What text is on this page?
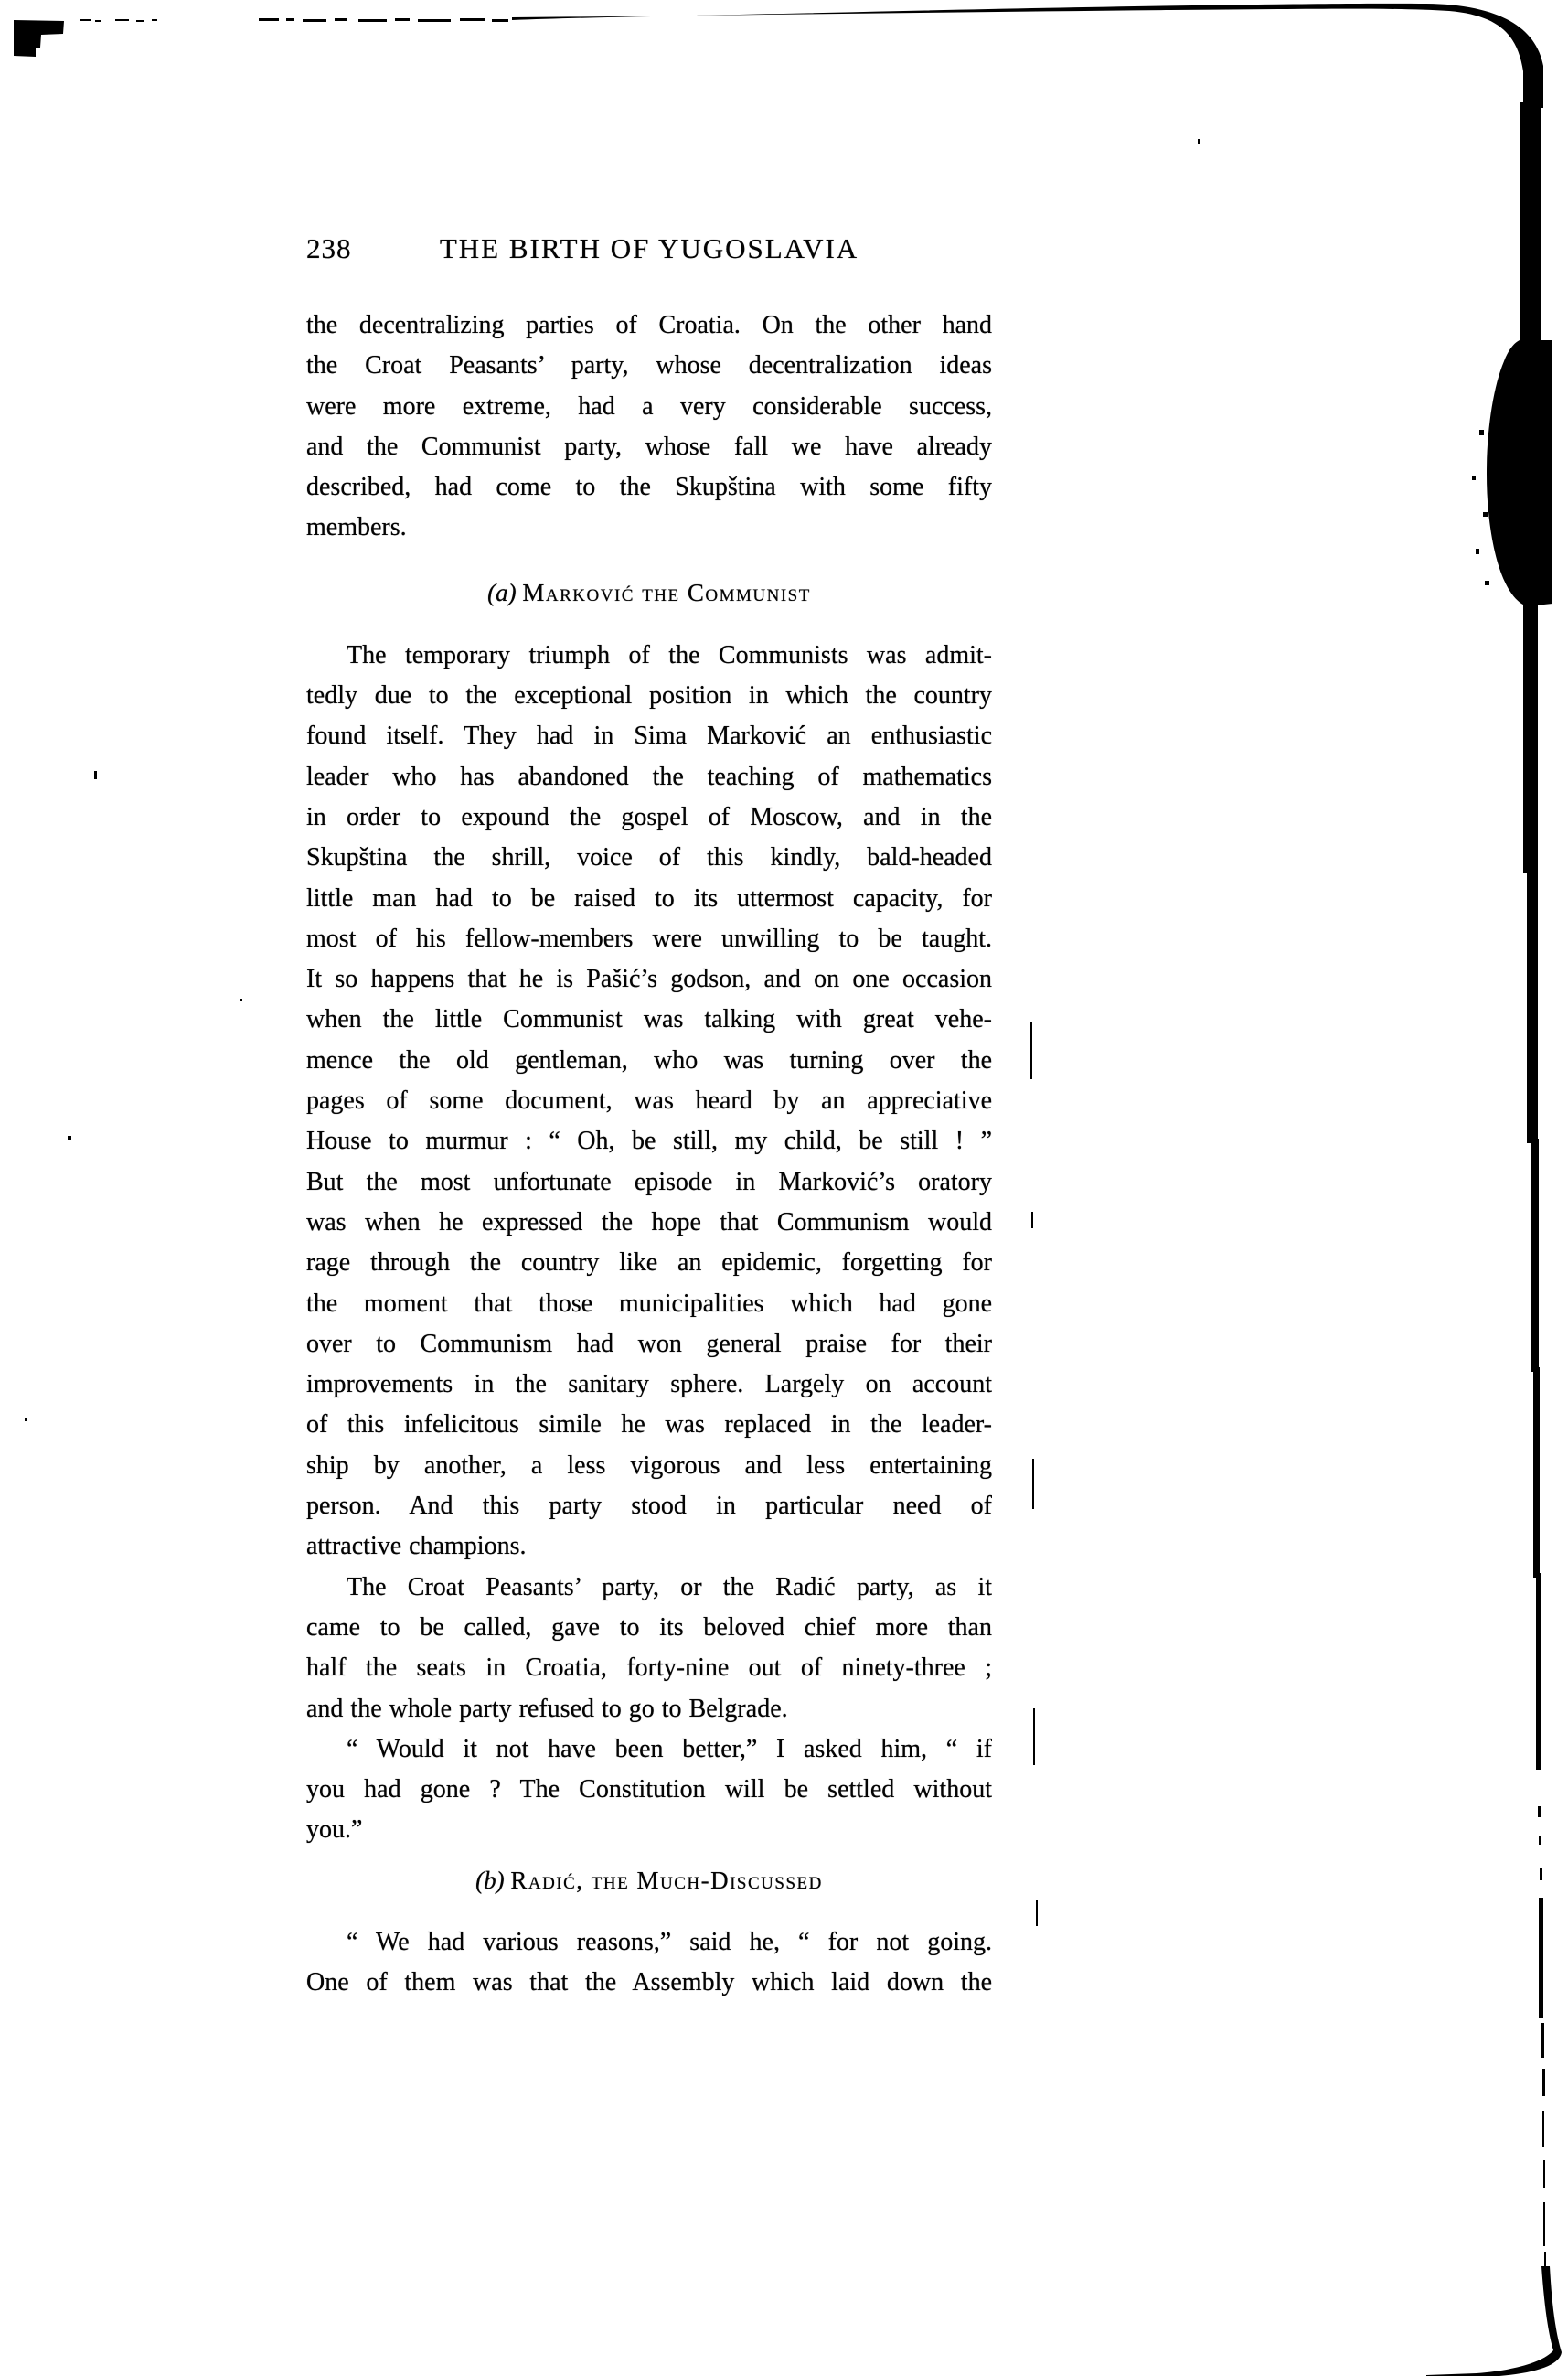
238	THE BIRTH OF YUGOSLAVIA
the decentralizing parties of Croatia. On the other hand
the Croat Peasants’ party, whose decentralization ideas
were more extreme, had a very considerable success,
and the Communist party, whose fall we have already
described, had come to the Skupština with some fifty
members.
(a) Marković the Communist
The temporary triumph of the Communists was admit-
tedly due to the exceptional position in which the country
found itself. They had in Sima Marković an enthusiastic
leader who has abandoned the teaching of mathematics
in order to expound the gospel of Moscow, and in the
Skupština the shrill, voice of this kindly, bald-headed
little man had to be raised to its uttermost capacity, for
most of his fellow-members were unwilling to be taught.
It so happens that he is Pašić’s godson, and on one occasion
when the little Communist was talking with great vehe-
mence the old gentleman, who was turning over the
pages of some document, was heard by an appreciative
House to murmur : “ Oh, be still, my child, be still ! ”
But the most unfortunate episode in Marković’s oratory
was when he expressed the hope that Communism would
rage through the country like an epidemic, forgetting for
the moment that those municipalities which had gone
over to Communism had won general praise for their
improvements in the sanitary sphere. Largely on account
of this infelicitous simile he was replaced in the leader-
ship by another, a less vigorous and less entertaining
person. And this party stood in particular need of
attractive champions.
The Croat Peasants’ party, or the Radić party, as it
came to be called, gave to its beloved chief more than
half the seats in Croatia, forty-nine out of ninety-three ;
and the whole party refused to go to Belgrade.
“ Would it not have been better,” I asked him, “ if
you had gone ? The Constitution will be settled without
you.”
(b) Radić, the Much-Discussed
“ We had various reasons,” said he, “ for not going.
One of them was that the Assembly which laid down the
